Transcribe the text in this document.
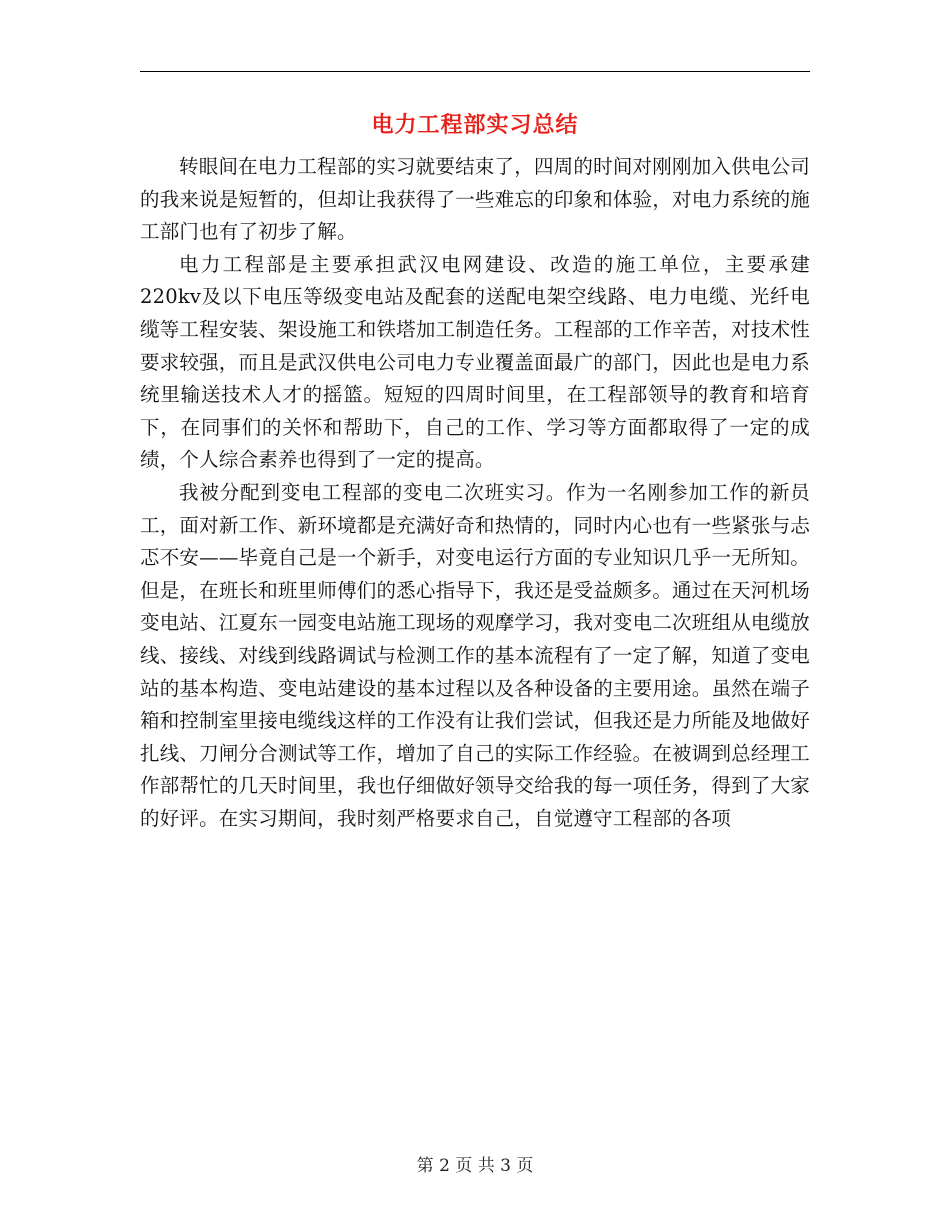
电力工程部实习总结

转眼间在电力工程部的实习就要结束了，四周的时间对刚刚加入供电公司的我来说是短暂的，但却让我获得了一些难忘的印象和体验，对电力系统的施工部门也有了初步了解。

电力工程部是主要承担武汉电网建设、改造的施工单位，主要承建220kv及以下电压等级变电站及配套的送配电架空线路、电力电缆、光纤电缆等工程安装、架设施工和铁塔加工制造任务。工程部的工作辛苦，对技术性要求较强，而且是武汉供电公司电力专业覆盖面最广的部门，因此也是电力系统里输送技术人才的摇篮。短短的四周时间里，在工程部领导的教育和培育下，在同事们的关怀和帮助下，自己的工作、学习等方面都取得了一定的成绩，个人综合素养也得到了一定的提高。

我被分配到变电工程部的变电二次班实习。作为一名刚参加工作的新员工，面对新工作、新环境都是充满好奇和热情的，同时内心也有一些紧张与忐忑不安——毕竟自己是一个新手，对变电运行方面的专业知识几乎一无所知。但是，在班长和班里师傅们的悉心指导下，我还是受益颇多。通过在天河机场变电站、江夏东一园变电站施工现场的观摩学习，我对变电二次班组从电缆放线、接线、对线到线路调试与检测工作的基本流程有了一定了解，知道了变电站的基本构造、变电站建设的基本过程以及各种设备的主要用途。虽然在端子箱和控制室里接电缆线这样的工作没有让我们尝试，但我还是力所能及地做好扎线、刀闸分合测试等工作，增加了自己的实际工作经验。在被调到总经理工作部帮忙的几天时间里，我也仔细做好领导交给我的每一项任务，得到了大家的好评。在实习期间，我时刻严格要求自己，自觉遵守工程部的各项

第 2 页 共 3 页
